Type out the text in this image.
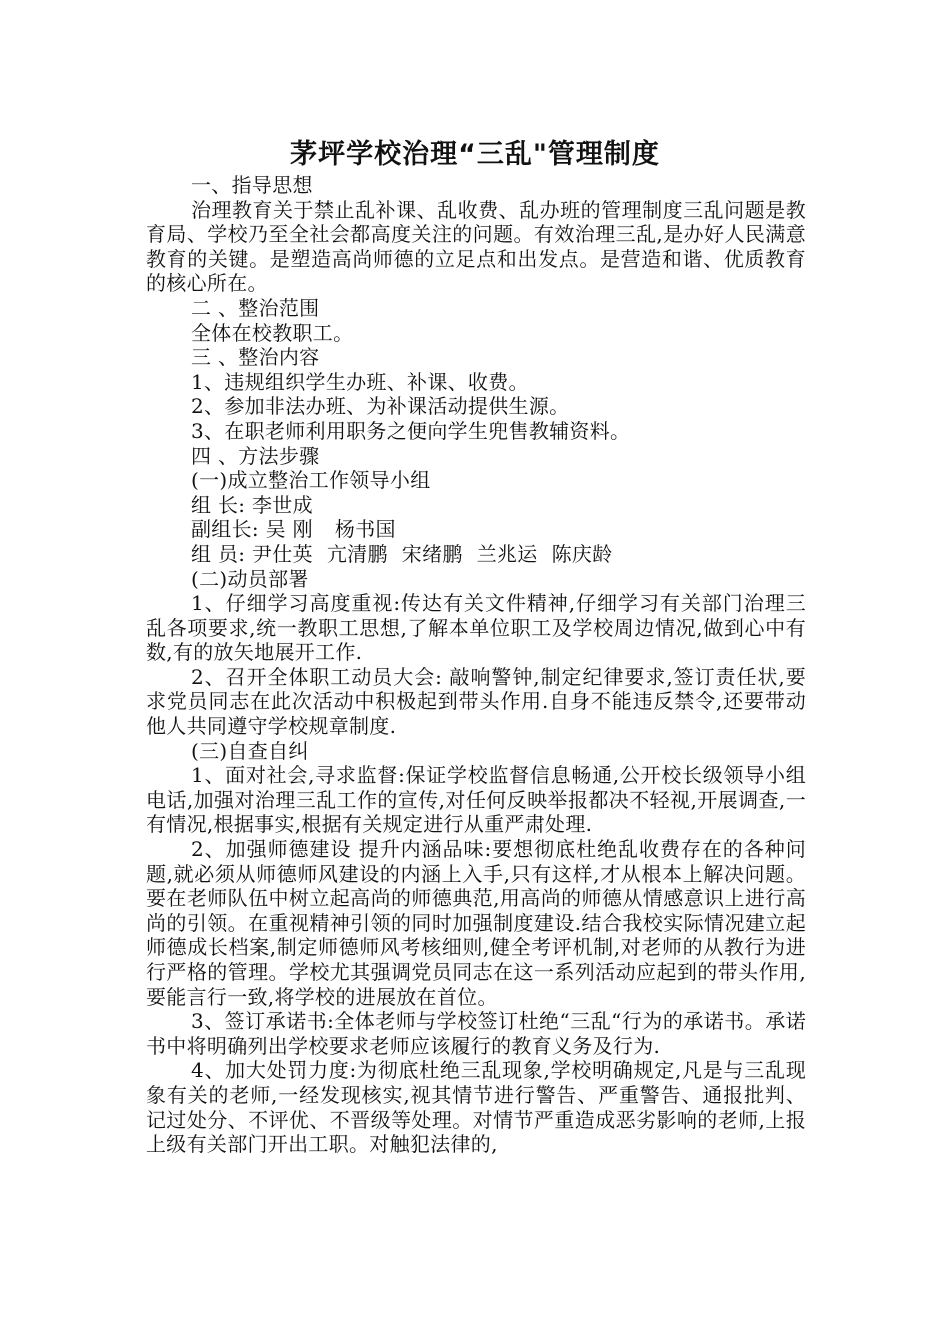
茅坪学校治理“三乱"管理制度

一、指导思想

治理教育关于禁止乱补课、乱收费、乱办班的管理制度三乱问题是教育局、学校乃至全社会都高度关注的问题。有效治理三乱,是办好人民满意教育的关键。是塑造高尚师德的立足点和出发点。是营造和谐、优质教育的核心所在。

二 、整治范围

全体在校教职工。

三 、整治内容

1、违规组织学生办班、补课、收费。

2、参加非法办班、为补课活动提供生源。

3、在职老师利用职务之便向学生兜售教辅资料。

四 、方法步骤

(一)成立整治工作领导小组

组 长: 李世成

副组长: 吴 刚 杨书国

组 员: 尹仕英 亢清鹏 宋绪鹏 兰兆运 陈庆龄

(二)动员部署

1、仔细学习高度重视:传达有关文件精神,仔细学习有关部门治理三乱各项要求,统一教职工思想,了解本单位职工及学校周边情况,做到心中有数,有的放矢地展开工作.

2、召开全体职工动员大会: 敲响警钟,制定纪律要求,签订责任状,要求党员同志在此次活动中积极起到带头作用.自身不能违反禁令,还要带动他人共同遵守学校规章制度.

(三)自查自纠

1、面对社会,寻求监督:保证学校监督信息畅通,公开校长级领导小组电话,加强对治理三乱工作的宣传,对任何反映举报都决不轻视,开展调查,一有情况,根据事实,根据有关规定进行从重严肃处理.

2、加强师德建设 提升内涵品味:要想彻底杜绝乱收费存在的各种问题,就必须从师德师风建设的内涵上入手,只有这样,才从根本上解决问题。要在老师队伍中树立起高尚的师德典范,用高尚的师德从情感意识上进行高尚的引领。在重视精神引领的同时加强制度建设.结合我校实际情况建立起师德成长档案,制定师德师风考核细则,健全考评机制,对老师的从教行为进行严格的管理。学校尤其强调党员同志在这一系列活动应起到的带头作用,要能言行一致,将学校的进展放在首位。

3、签订承诺书:全体老师与学校签订杜绝“三乱“行为的承诺书。承诺书中将明确列出学校要求老师应该履行的教育义务及行为.

4、加大处罚力度:为彻底杜绝三乱现象,学校明确规定,凡是与三乱现象有关的老师,一经发现核实,视其情节进行警告、严重警告、通报批判、记过处分、不评优、不晋级等处理。对情节严重造成恶劣影响的老师,上报上级有关部门开出工职。对触犯法律的,
